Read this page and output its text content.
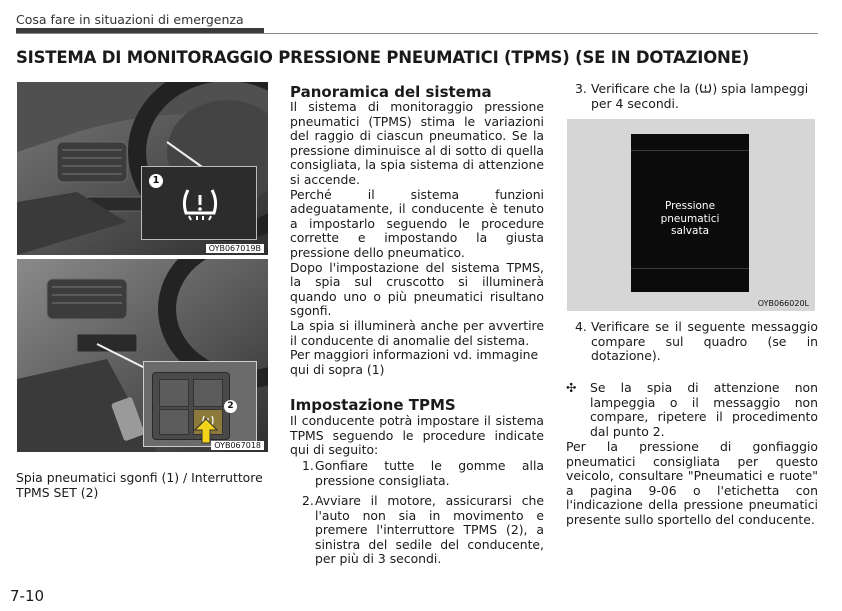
Cosa fare in situazioni di emergenza
SISTEMA DI MONITORAGGIO PRESSIONE PNEUMATICI (TPMS) (SE IN DOTAZIONE)
1
OYB067019B
2
OYB067018
Spia pneumatici sgonfi (1) / Interruttore TPMS SET (2)
Panoramica del sistema
Il sistema di monitoraggio pressione pneumatici (TPMS) stima le variazioni del raggio di ciascun pneumatico. Se la pressione diminuisce al di sotto di quella consigliata, la spia sistema di attenzione si accende.
Perché il sistema funzioni adeguatamente, il conducente è tenuto a impostarlo seguendo le procedure corrette e impostando la giusta pressione dello pneumatico.
Dopo l'impostazione del sistema TPMS, la spia sul cruscotto si illuminerà quando uno o più pneumatici risultano sgonfi.
La spia si illuminerà anche per avvertire il conducente di anomalie del sistema.
Per maggiori informazioni vd. immagine qui di sopra (1)
Impostazione TPMS
Il conducente potrà impostare il sistema TPMS seguendo le procedure indicate qui di seguito:
1. Gonfiare tutte le gomme alla pressione consigliata.
2. Avviare il motore, assicurarsi che l'auto non sia in movimento e premere l'interruttore TPMS (2), a sinistra del sedile del conducente, per più di 3 secondi.
3. Verificare che la ( ) spia lampeggi per 4 secondi.
Pressione
pneumatici
salvata
OYB066020L
4. Verificare se il seguente messaggio compare sul quadro (se in dotazione).
✣ Se la spia di attenzione non lampeggia o il messaggio non compare, ripetere il procedimento dal punto 2.
Per la pressione di gonfiaggio pneumatici consigliata per questo veicolo, consultare "Pneumatici e ruote" a pagina 9-06 o l'etichetta con l'indicazione della pressione pneumatici presente sullo sportello del conducente.
7-10
